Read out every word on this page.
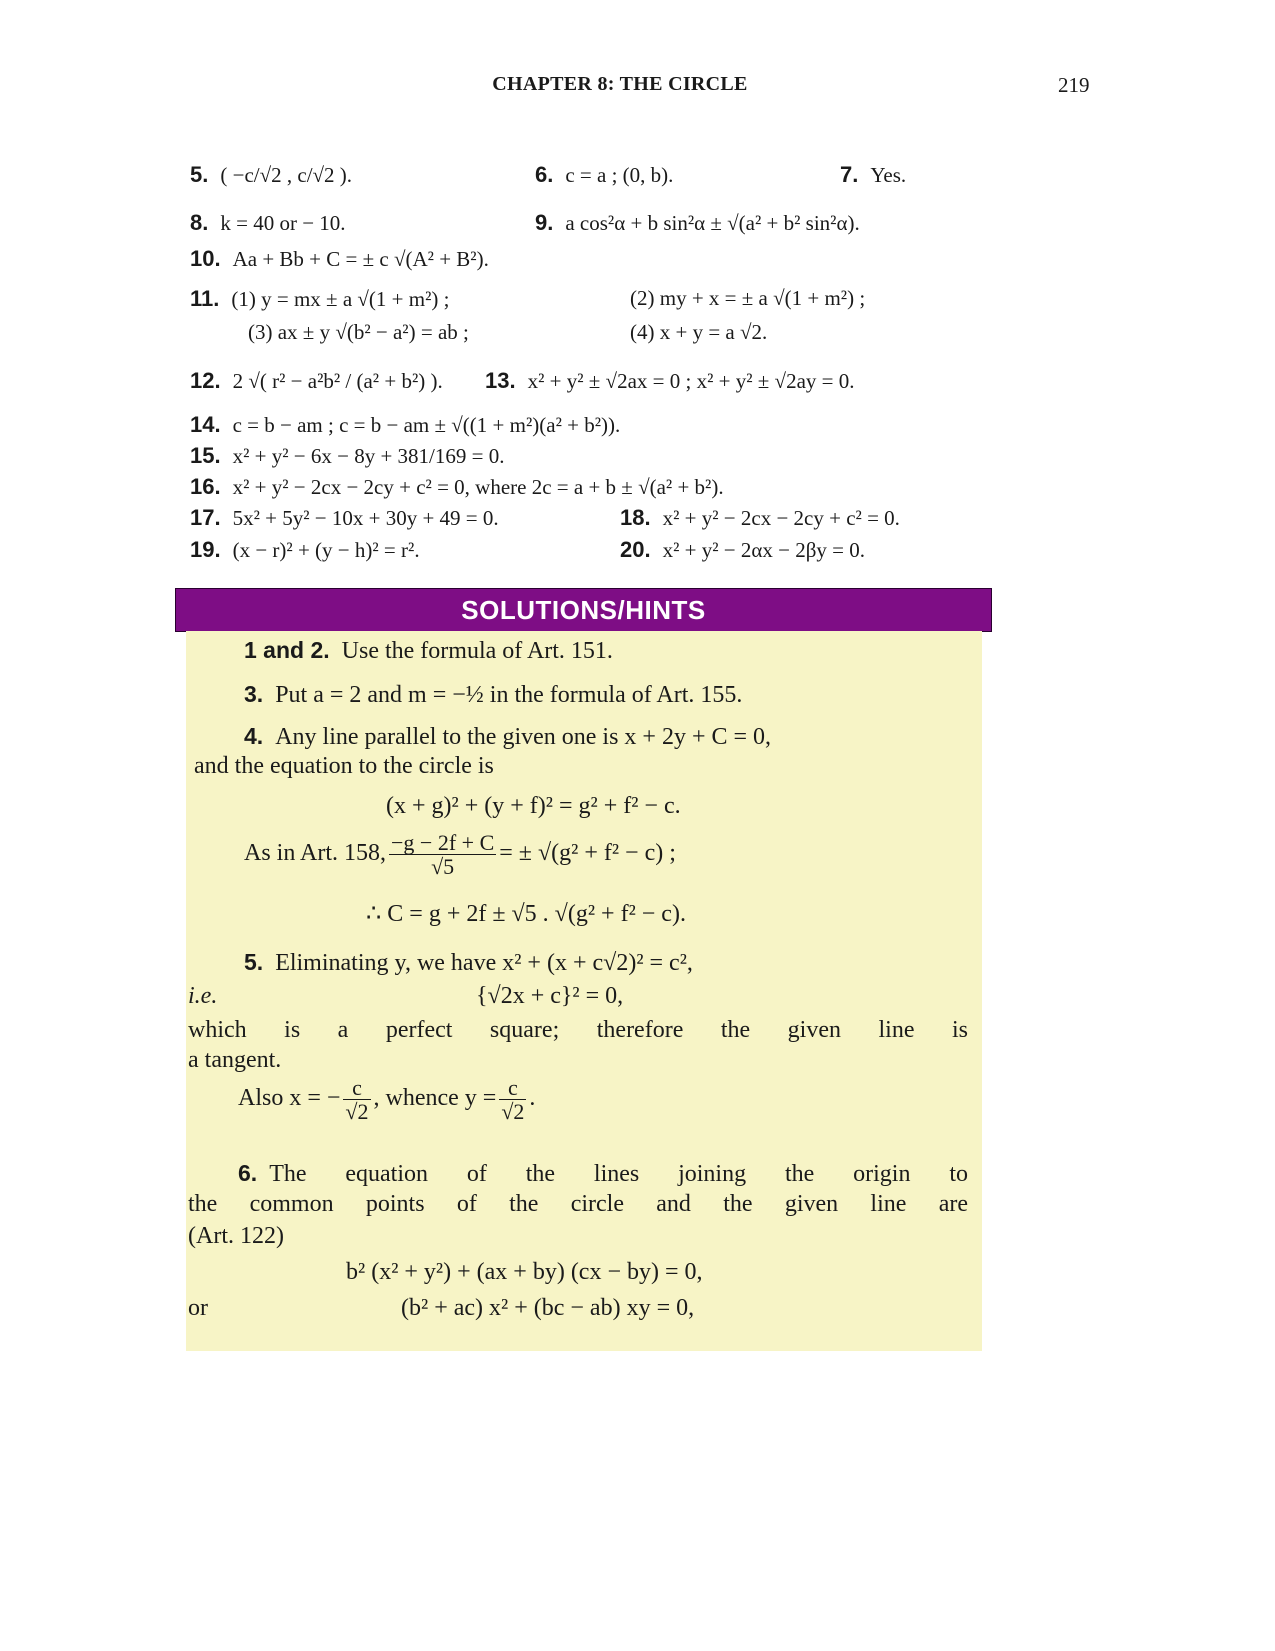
CHAPTER 8: THE CIRCLE	219
5. ( −c/√2 , c/√2 ).	6. c = a ; (0, b).	7. Yes.
8. k = 40 or − 10.	9. a cos²α + b sin²α ± √(a² + b² sin²α).
10. Aa + Bb + C = ± c √(A² + B²).
11. (1) y = mx ± a √(1 + m²) ;	(2) my + x = ± a √(1 + m²) ;
(3) ax ± y √(b² − a²) = ab ;	(4) x + y = a √2.
12. 2 √( r² − a²b² / (a² + b²) ). 13. x² + y² ± √2ax = 0 ; x² + y² ± √2ay = 0.
14. c = b − am ; c = b − am ± √((1 + m²)(a² + b²)).
15. x² + y² − 6x − 8y + 381/169 = 0.
16. x² + y² − 2cx − 2cy + c² = 0, where 2c = a + b ± √(a² + b²).
17. 5x² + 5y² − 10x + 30y + 49 = 0.	18. x² + y² − 2cx − 2cy + c² = 0.
19. (x − r)² + (y − h)² = r².	20. x² + y² − 2αx − 2βy = 0.
SOLUTIONS/HINTS
1 and 2. Use the formula of Art. 151.
3. Put a = 2 and m = −½ in the formula of Art. 155.
4. Any line parallel to the given one is x + 2y + C = 0,
and the equation to the circle is
(x + g)² + (y + f)² = g² + f² − c.
As in Art. 158, $\frac{-g - 2f + C}{√5}$ = ± √(g² + f² − c) ;
∴ C = g + 2f ± √5 . √(g² + f² − c).
5. Eliminating y, we have x² + (x + c√2)² = c²,
i.e.	{√2x + c}² = 0,
which is a perfect square; therefore the given line is
a tangent.
Also x = − $\frac{c}{√2}$ , whence $y = \frac{c}{√2}$ .
6. The equation of the lines joining the origin to
the common points of the circle and the given line are
(Art. 122)
b² (x² + y²) + (ax + by) (cx − by) = 0,
or	(b² + ac) x² + (bc − ab) xy = 0,
